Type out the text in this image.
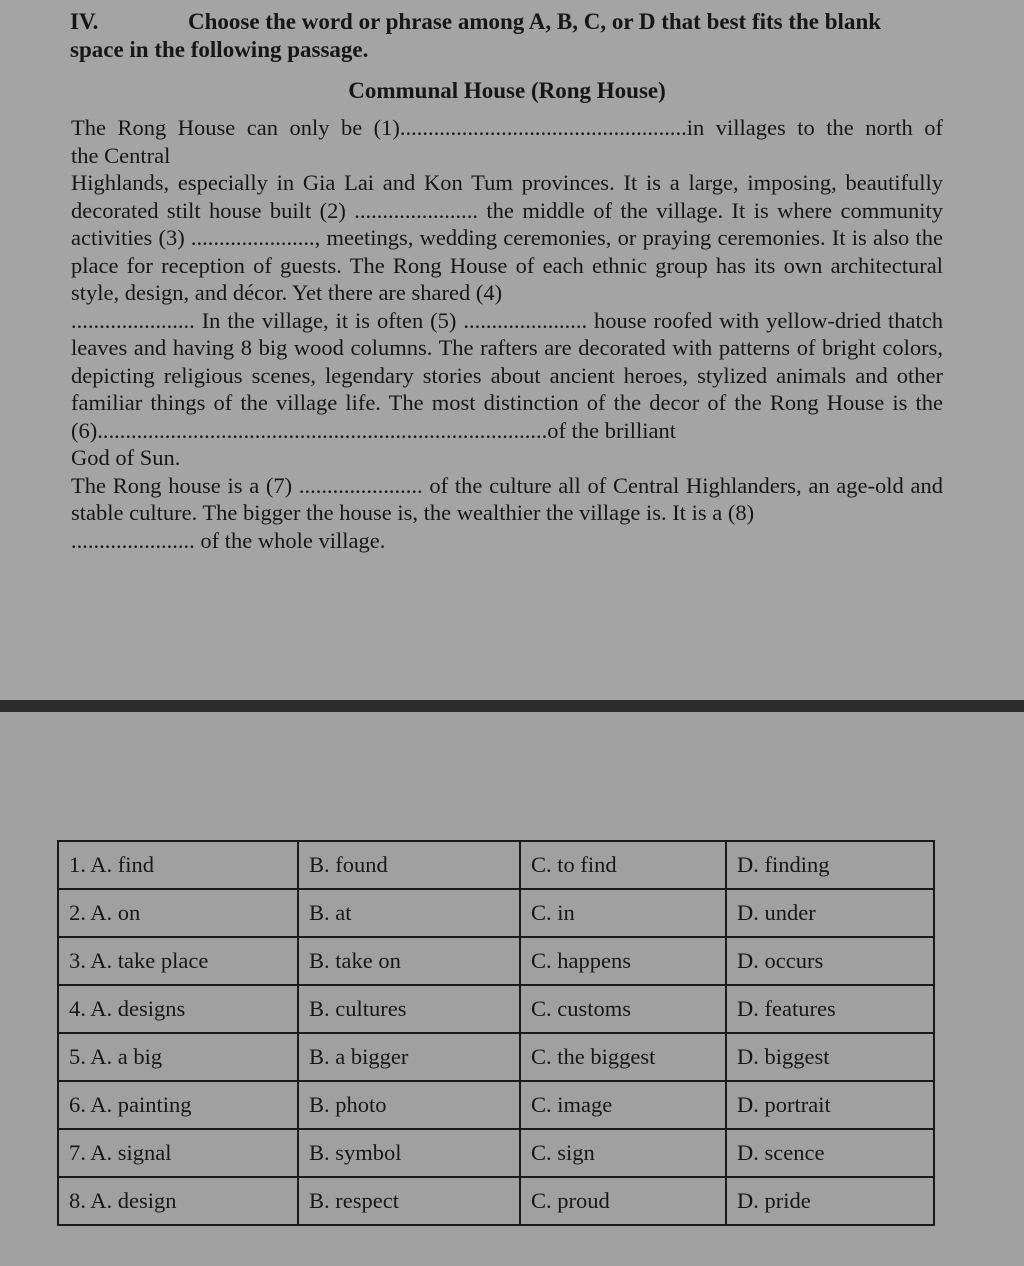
IV.	Choose the word or phrase among A, B, C, or D that best fits the blank
space in the following passage.
Communal House (Rong House)

The Rong House can only be (1)...................................................in villages to the north of

the Central

Highlands, especially in Gia Lai and Kon Tum provinces. It is a large, imposing, beautifully decorated stilt house built (2) ...................... the middle of the village. It is where community activities (3) ......................, meetings, wedding ceremonies, or praying ceremonies. It is also the place for reception of guests. The Rong House of each ethnic group has its own architectural style, design, and décor. Yet there are shared (4)

...................... In the village, it is often (5) ...................... house roofed with yellow-dried thatch leaves and having 8 big wood columns. The rafters are decorated with patterns of bright colors, depicting religious scenes, legendary stories about ancient heroes, stylized animals and other familiar things of the village life. The most distinction of the decor of the Rong House is the (6)................................................................................of the brilliant

God of Sun.

The Rong house is a (7) ...................... of the culture all of Central Highlanders, an age-old and stable culture. The bigger the house is, the wealthier the village is. It is a (8)

...................... of the whole village.

1. A. find	B. found	C. to find	D. finding
2. A. on	B. at	C. in	D. under
3. A. take place	B. take on	C. happens	D. occurs
4. A. designs	B. cultures	C. customs	D. features
5. A. a big	B. a bigger	C. the biggest	D. biggest
6. A. painting	B. photo	C. image	D. portrait
7. A. signal	B. symbol	C. sign	D. scence
8. A. design	B. respect	C. proud	D. pride
